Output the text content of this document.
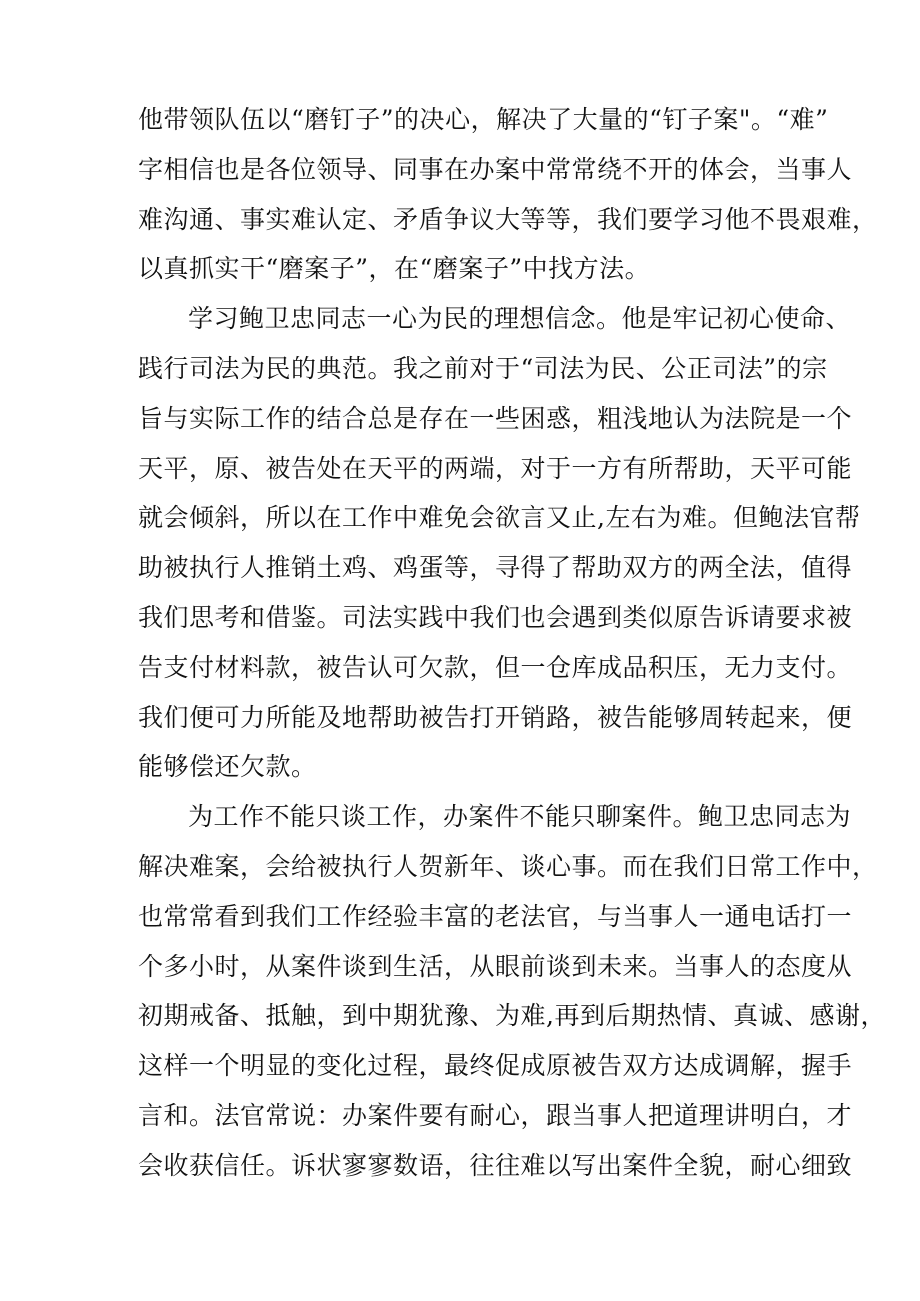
他带领队伍以“磨钉子”的决心，解决了大量的“钉子案"。“难”
字相信也是各位领导、同事在办案中常常绕不开的体会，当事人
难沟通、事实难认定、矛盾争议大等等，我们要学习他不畏艰难，
以真抓实干“磨案子”，在“磨案子”中找方法。
学习鲍卫忠同志一心为民的理想信念。他是牢记初心使命、
践行司法为民的典范。我之前对于“司法为民、公正司法”的宗
旨与实际工作的结合总是存在一些困惑，粗浅地认为法院是一个
天平，原、被告处在天平的两端，对于一方有所帮助，天平可能
就会倾斜，所以在工作中难免会欲言又止,左右为难。但鲍法官帮
助被执行人推销土鸡、鸡蛋等，寻得了帮助双方的两全法，值得
我们思考和借鉴。司法实践中我们也会遇到类似原告诉请要求被
告支付材料款，被告认可欠款，但一仓库成品积压，无力支付。
我们便可力所能及地帮助被告打开销路，被告能够周转起来，便
能够偿还欠款。
为工作不能只谈工作，办案件不能只聊案件。鲍卫忠同志为
解决难案，会给被执行人贺新年、谈心事。而在我们日常工作中，
也常常看到我们工作经验丰富的老法官，与当事人一通电话打一
个多小时，从案件谈到生活，从眼前谈到未来。当事人的态度从
初期戒备、抵触，到中期犹豫、为难,再到后期热情、真诚、感谢，
这样一个明显的变化过程，最终促成原被告双方达成调解，握手
言和。法官常说：办案件要有耐心，跟当事人把道理讲明白，才
会收获信任。诉状寥寥数语，往往难以写出案件全貌，耐心细致
